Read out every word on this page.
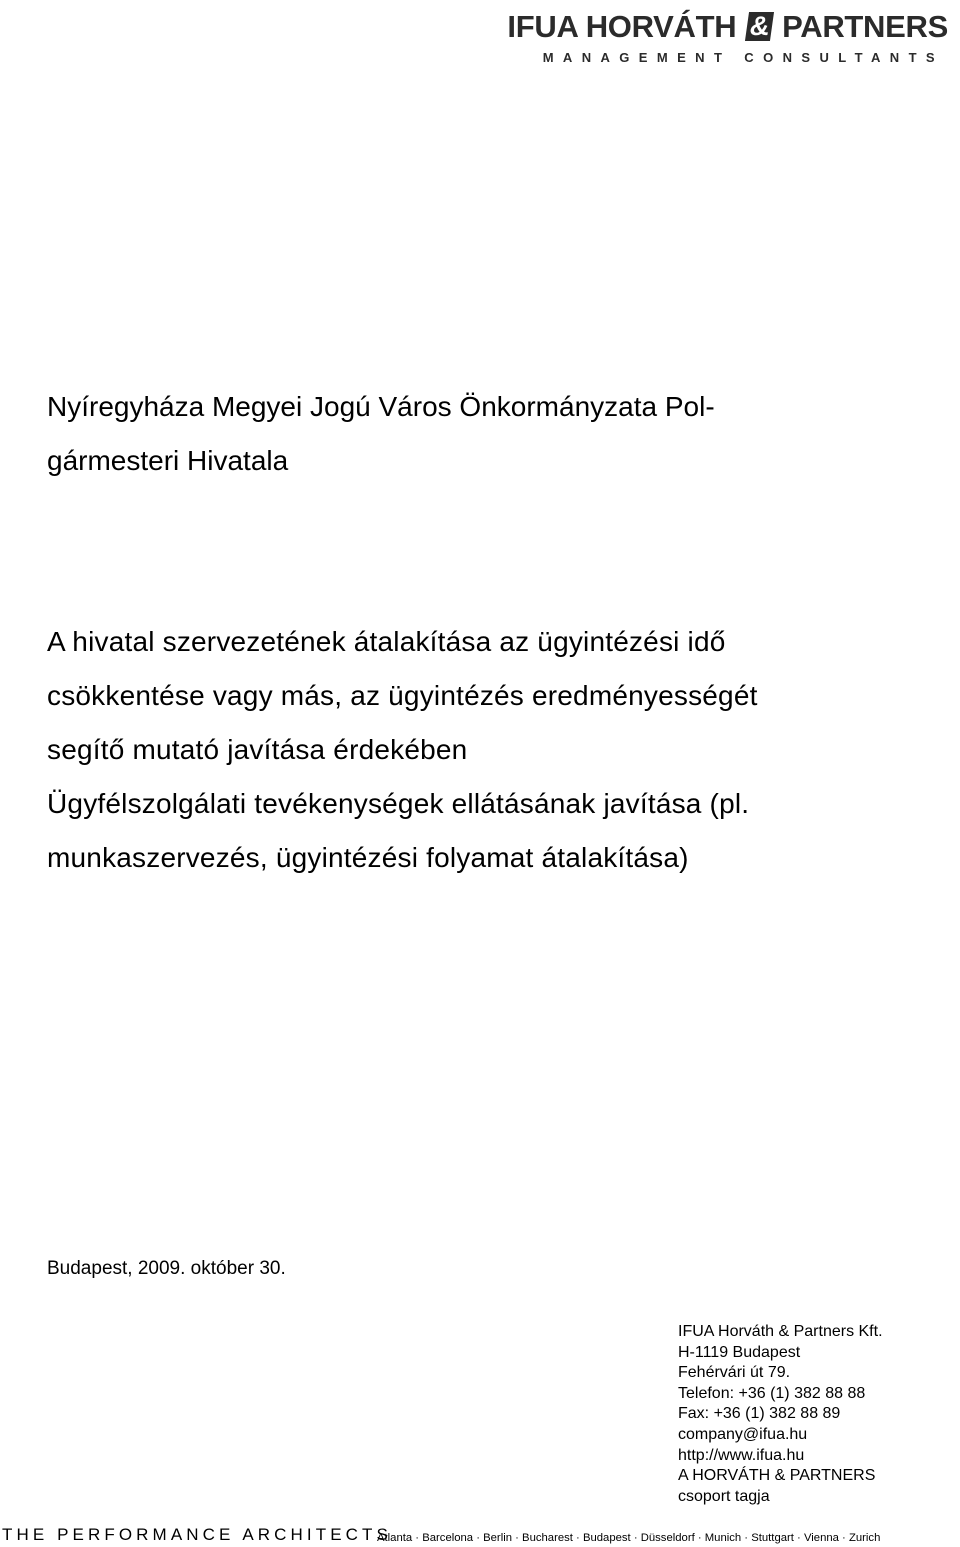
IFUA HORVÁTH & PARTNERS
MANAGEMENT CONSULTANTS
Nyíregyháza Megyei Jogú Város Önkormányzata Pol-
gármesteri Hivatala
A hivatal szervezetének átalakítása az ügyintézési idő
csökkentése vagy más, az ügyintézés eredményességét
segítő mutató javítása érdekében
Ügyfélszolgálati tevékenységek ellátásának javítása (pl.
munkaszervezés, ügyintézési folyamat átalakítása)
Budapest, 2009. október 30.
IFUA Horváth & Partners Kft.
H-1119 Budapest
Fehérvári út 79.
Telefon: +36 (1) 382 88 88
Fax: +36 (1) 382 88 89
company@ifua.hu
http://www.ifua.hu
A HORVÁTH & PARTNERS
csoport tagja
THE PERFORMANCE ARCHITECTS
Atlanta · Barcelona · Berlin · Bucharest · Budapest · Düsseldorf · Munich · Stuttgart · Vienna · Zurich
